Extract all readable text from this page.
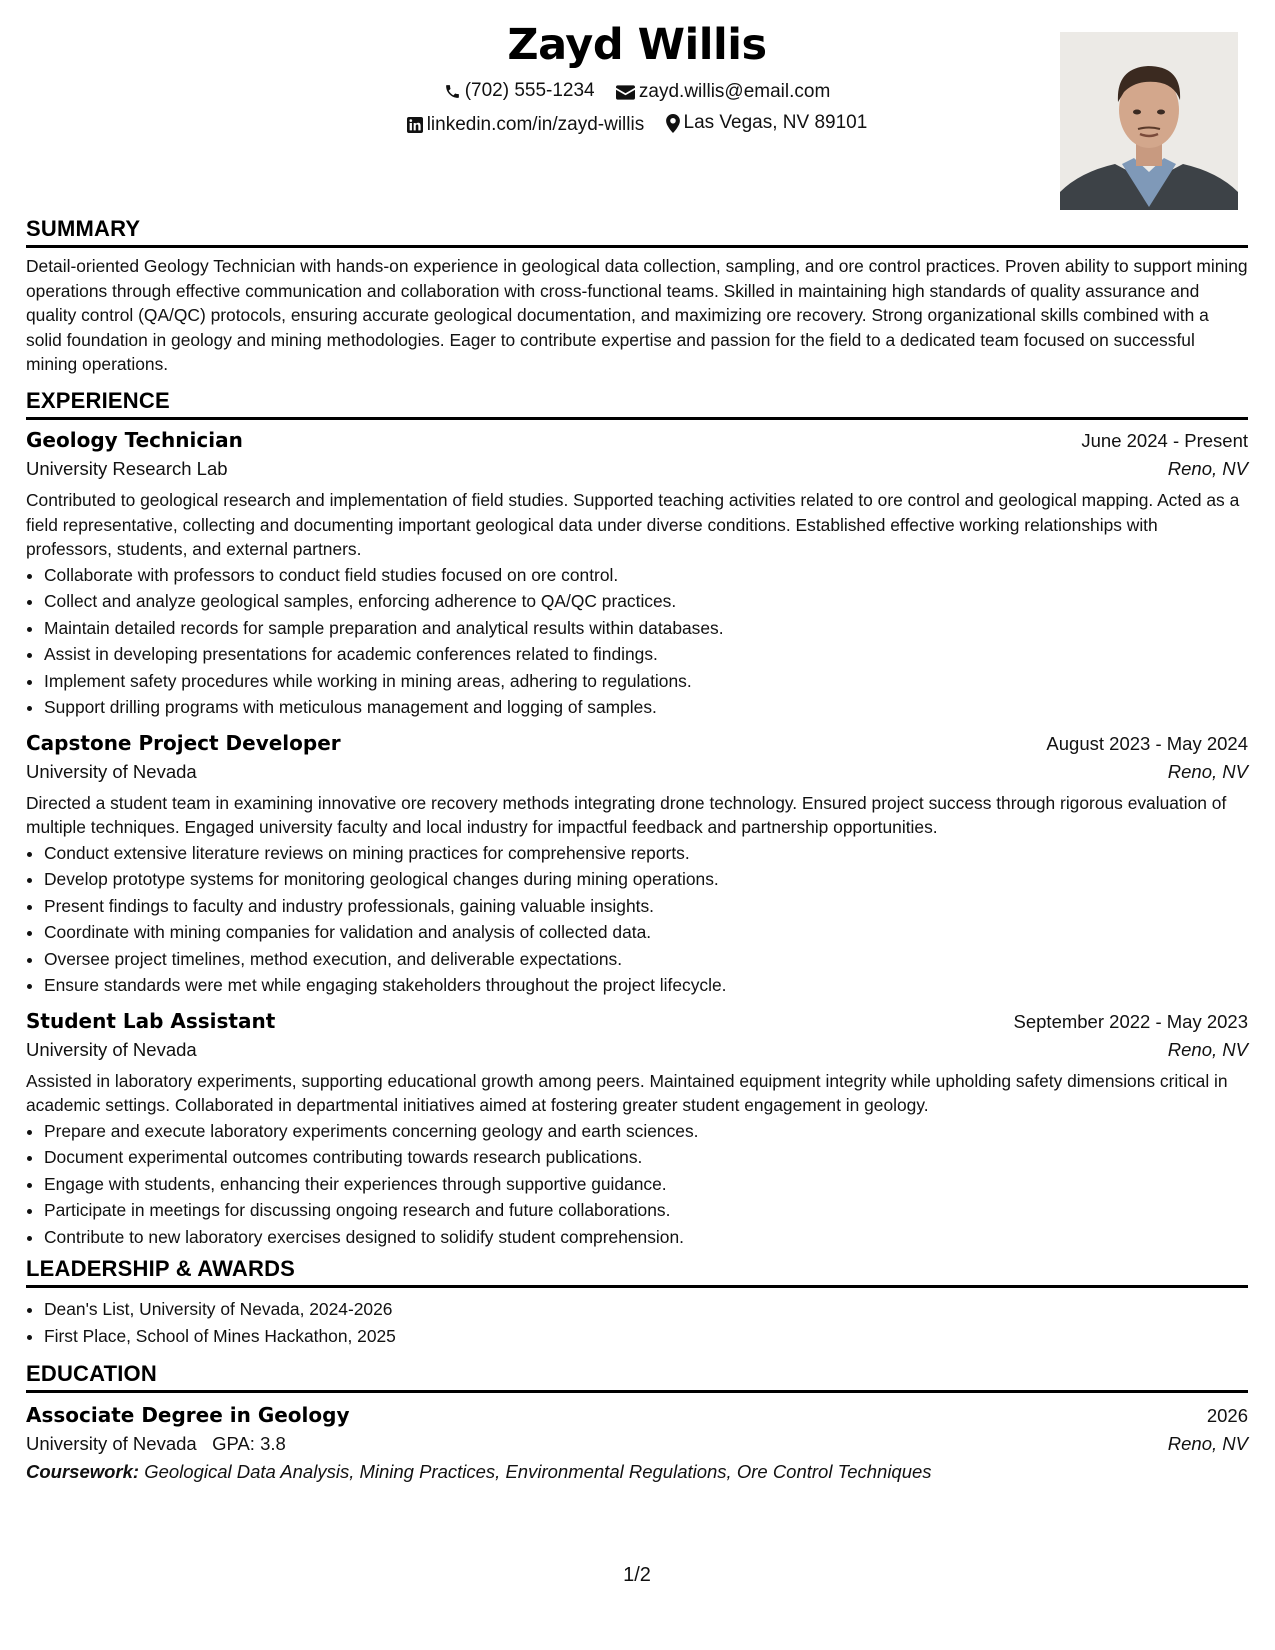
Zayd Willis
(702) 555-1234
zayd.willis@email.com
linkedin.com/in/zayd-willis
Las Vegas, NV 89101
SUMMARY

Detail-oriented Geology Technician with hands-on experience in geological data collection, sampling, and ore control practices. Proven ability to support mining operations through effective communication and collaboration with cross-functional teams. Skilled in maintaining high standards of quality assurance and quality control (QA/QC) protocols, ensuring accurate geological documentation, and maximizing ore recovery. Strong organizational skills combined with a solid foundation in geology and mining methodologies. Eager to contribute expertise and passion for the field to a dedicated team focused on successful mining operations.

EXPERIENCE
Geology Technician	June 2024 - Present
University Research Lab	Reno, NV
Contributed to geological research and implementation of field studies. Supported teaching activities related to ore control and geological mapping. Acted as a field representative, collecting and documenting important geological data under diverse conditions. Established effective working relationships with professors, students, and external partners.
• Collaborate with professors to conduct field studies focused on ore control.
• Collect and analyze geological samples, enforcing adherence to QA/QC practices.
• Maintain detailed records for sample preparation and analytical results within databases.
• Assist in developing presentations for academic conferences related to findings.
• Implement safety procedures while working in mining areas, adhering to regulations.
• Support drilling programs with meticulous management and logging of samples.
Capstone Project Developer	August 2023 - May 2024
University of Nevada	Reno, NV
Directed a student team in examining innovative ore recovery methods integrating drone technology. Ensured project success through rigorous evaluation of multiple techniques. Engaged university faculty and local industry for impactful feedback and partnership opportunities.
• Conduct extensive literature reviews on mining practices for comprehensive reports.
• Develop prototype systems for monitoring geological changes during mining operations.
• Present findings to faculty and industry professionals, gaining valuable insights.
• Coordinate with mining companies for validation and analysis of collected data.
• Oversee project timelines, method execution, and deliverable expectations.
• Ensure standards were met while engaging stakeholders throughout the project lifecycle.
Student Lab Assistant	September 2022 - May 2023
University of Nevada	Reno, NV
Assisted in laboratory experiments, supporting educational growth among peers. Maintained equipment integrity while upholding safety dimensions critical in academic settings. Collaborated in departmental initiatives aimed at fostering greater student engagement in geology.
• Prepare and execute laboratory experiments concerning geology and earth sciences.
• Document experimental outcomes contributing towards research publications.
• Engage with students, enhancing their experiences through supportive guidance.
• Participate in meetings for discussing ongoing research and future collaborations.
• Contribute to new laboratory exercises designed to solidify student comprehension.
LEADERSHIP & AWARDS
• Dean's List, University of Nevada, 2024-2026
• First Place, School of Mines Hackathon, 2025
EDUCATION
Associate Degree in Geology	2026
University of Nevada GPA: 3.8	Reno, NV
Coursework: Geological Data Analysis, Mining Practices, Environmental Regulations, Ore Control Techniques
1/2
